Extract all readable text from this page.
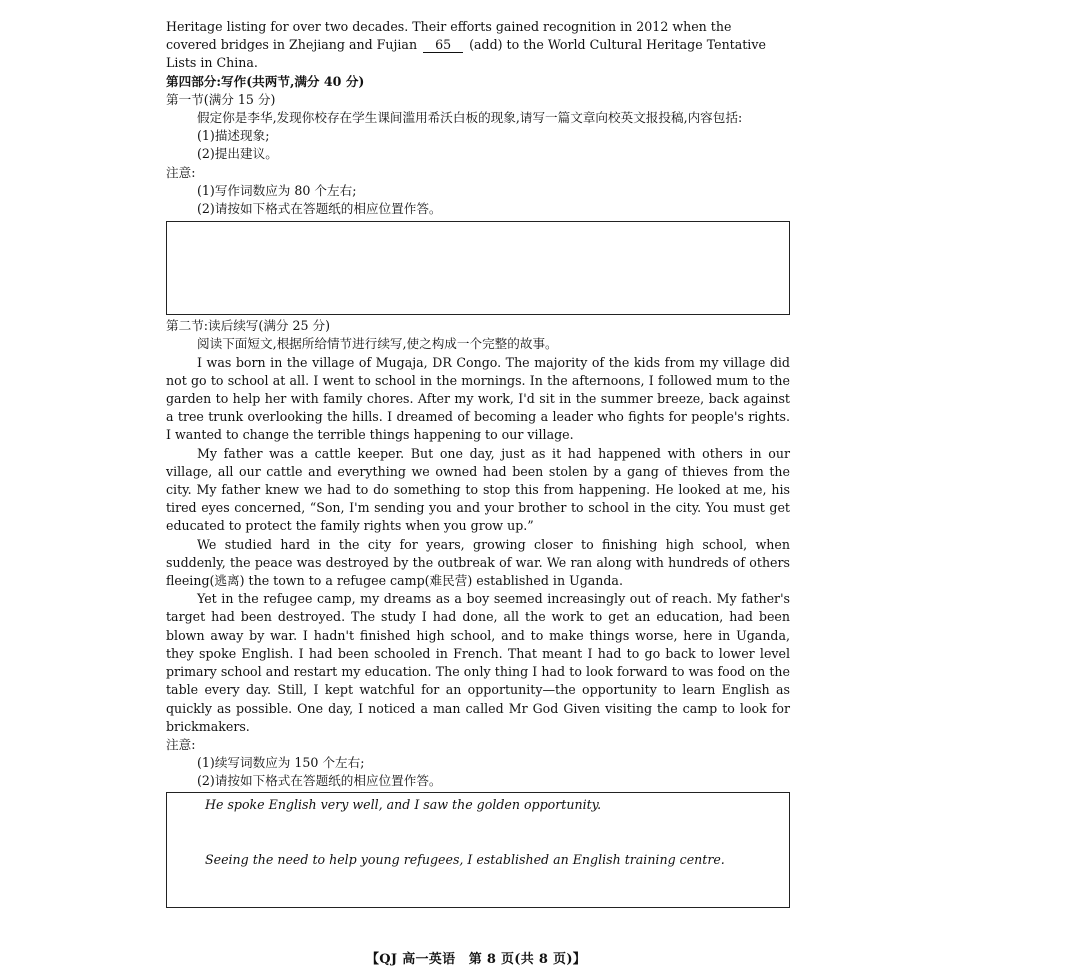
Heritage listing for over two decades. Their efforts gained recognition in 2012 when the

covered bridges in Zhejiang and Fujian 65 (add) to the World Cultural Heritage Tentative

Lists in China.

第四部分:写作(共两节,满分 40 分)

第一节(满分 15 分)

假定你是李华,发现你校存在学生课间滥用希沃白板的现象,请写一篇文章向校英文报投稿,内容包括:

(1)描述现象;

(2)提出建议。

注意:

(1)写作词数应为 80 个左右;

(2)请按如下格式在答题纸的相应位置作答。

第二节:读后续写(满分 25 分)

阅读下面短文,根据所给情节进行续写,使之构成一个完整的故事。

I was born in the village of Mugaja, DR Congo. The majority of the kids from my village did not go to school at all. I went to school in the mornings. In the afternoons, I followed mum to the garden to help her with family chores. After my work, I'd sit in the summer breeze, back against a tree trunk overlooking the hills. I dreamed of becoming a leader who fights for people's rights. I wanted to change the terrible things happening to our village.

My father was a cattle keeper. But one day, just as it had happened with others in our village, all our cattle and everything we owned had been stolen by a gang of thieves from the city. My father knew we had to do something to stop this from happening. He looked at me, his tired eyes concerned, “Son, I'm sending you and your brother to school in the city. You must get educated to protect the family rights when you grow up.”

We studied hard in the city for years, growing closer to finishing high school, when suddenly, the peace was destroyed by the outbreak of war. We ran along with hundreds of others fleeing(逃离) the town to a refugee camp(难民营) established in Uganda.

Yet in the refugee camp, my dreams as a boy seemed increasingly out of reach. My father's target had been destroyed. The study I had done, all the work to get an education, had been blown away by war. I hadn't finished high school, and to make things worse, here in Uganda, they spoke English. I had been schooled in French. That meant I had to go back to lower level primary school and restart my education. The only thing I had to look forward to was food on the table every day. Still, I kept watchful for an opportunity—the opportunity to learn English as quickly as possible. One day, I noticed a man called Mr God Given visiting the camp to look for brickmakers.

注意:

(1)续写词数应为 150 个左右;

(2)请按如下格式在答题纸的相应位置作答。

He spoke English very well, and I saw the golden opportunity.
Seeing the need to help young refugees, I established an English training centre.
【QJ 高一英语　第 8 页(共 8 页)】
